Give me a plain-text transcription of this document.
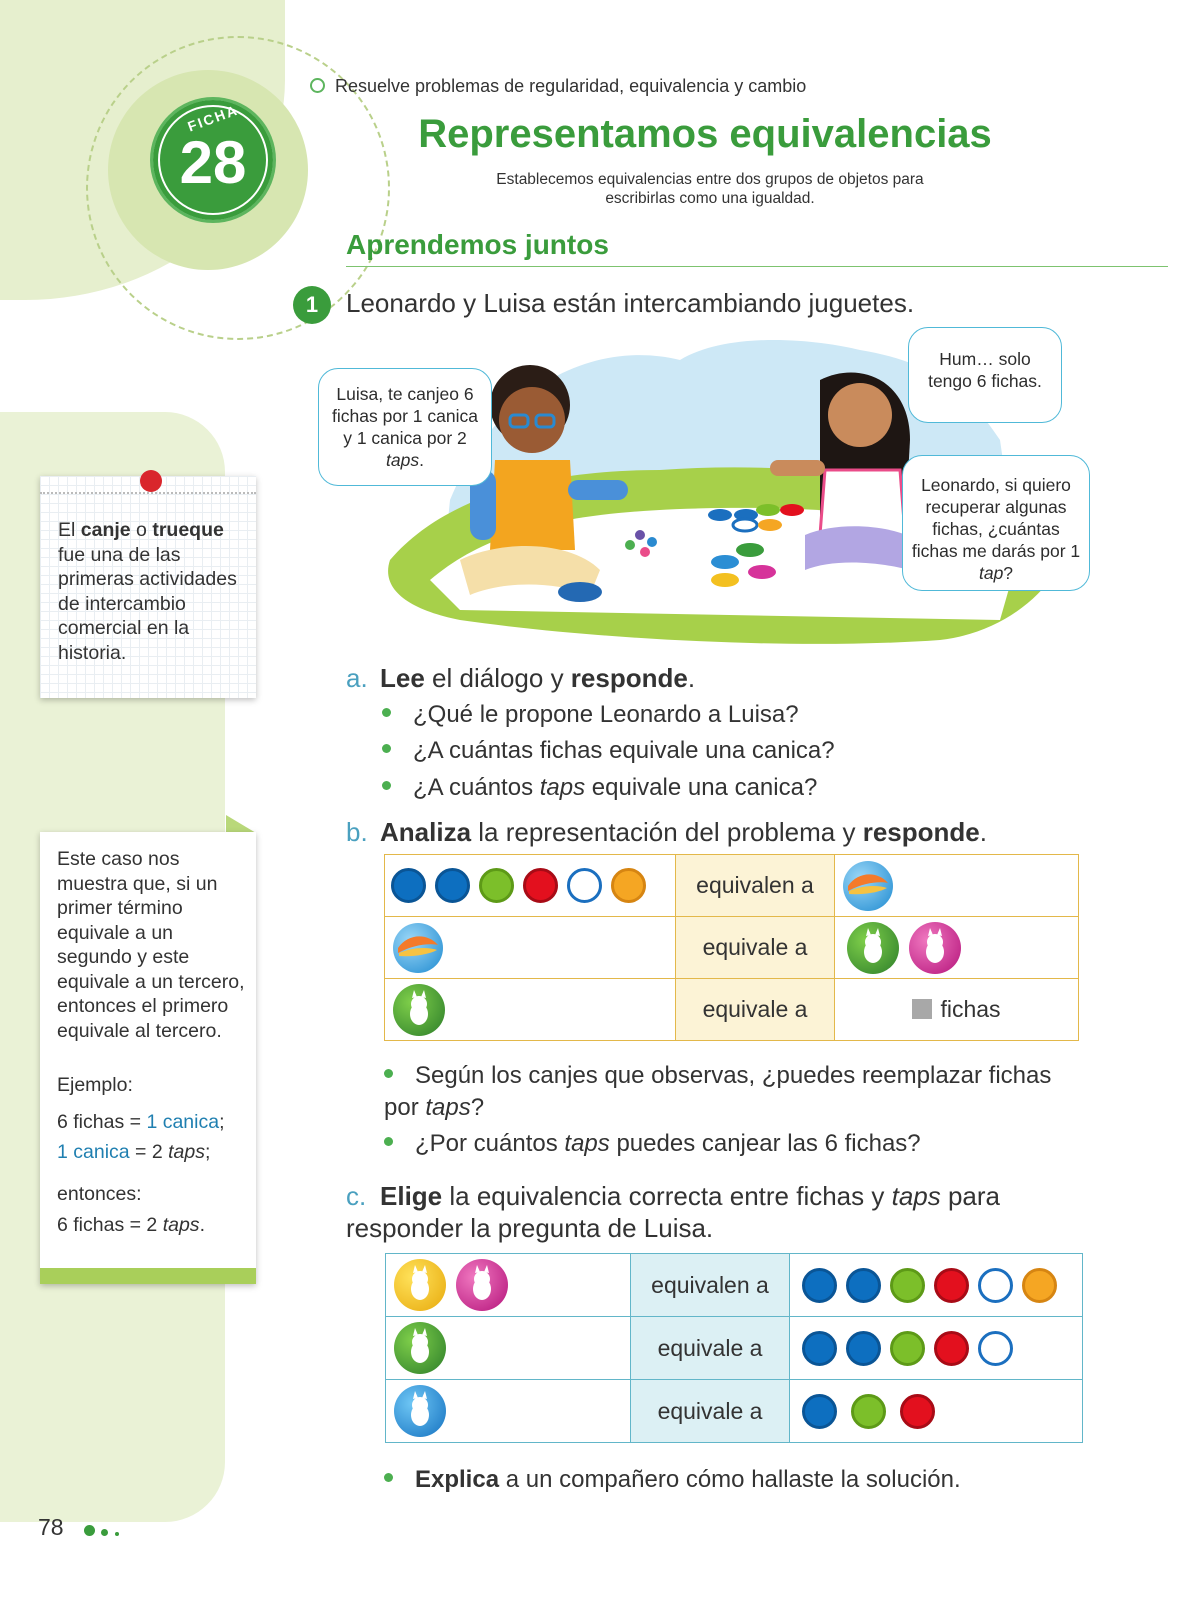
FICHA
28
Resuelve problemas de regularidad, equivalencia y cambio
Representamos equivalencias
Establecemos equivalencias entre dos grupos de objetos para
escribirlas como una igualdad.
Aprendemos juntos
1	Leonardo y Luisa están intercambiando juguetes.
Luisa, te canjeo 6 fichas por 1 canica y 1 canica por 2 taps.
Hum… solo tengo 6 fichas.
Leonardo, si quiero recuperar algunas fichas, ¿cuántas fichas me darás por 1 tap?
El canje o trueque fue una de las primeras actividades de intercambio comercial en la historia.
Este caso nos muestra que, si un primer término equivale a un segundo y este equivale a un tercero, entonces el primero equivale al tercero.
Ejemplo:
6 fichas = 1 canica;
1 canica = 2 taps;
entonces:
6 fichas = 2 taps.
a. Lee el diálogo y responde.
¿Qué le propone Leonardo a Luisa?
¿A cuántas fichas equivale una canica?
¿A cuántos taps equivale una canica?
b. Analiza la representación del problema y responde.
	equivalen a	
	equivale a	

	equivale a	fichas
Según los canjes que observas, ¿puedes reemplazar fichas por taps?
¿Por cuántos taps puedes canjear las 6 fichas?
c. Elige la equivalencia correcta entre fichas y taps para responder la pregunta de Luisa.
	equivalen a	

	equivale a	

	equivale a	
Explica a un compañero cómo hallaste la solución.
78
